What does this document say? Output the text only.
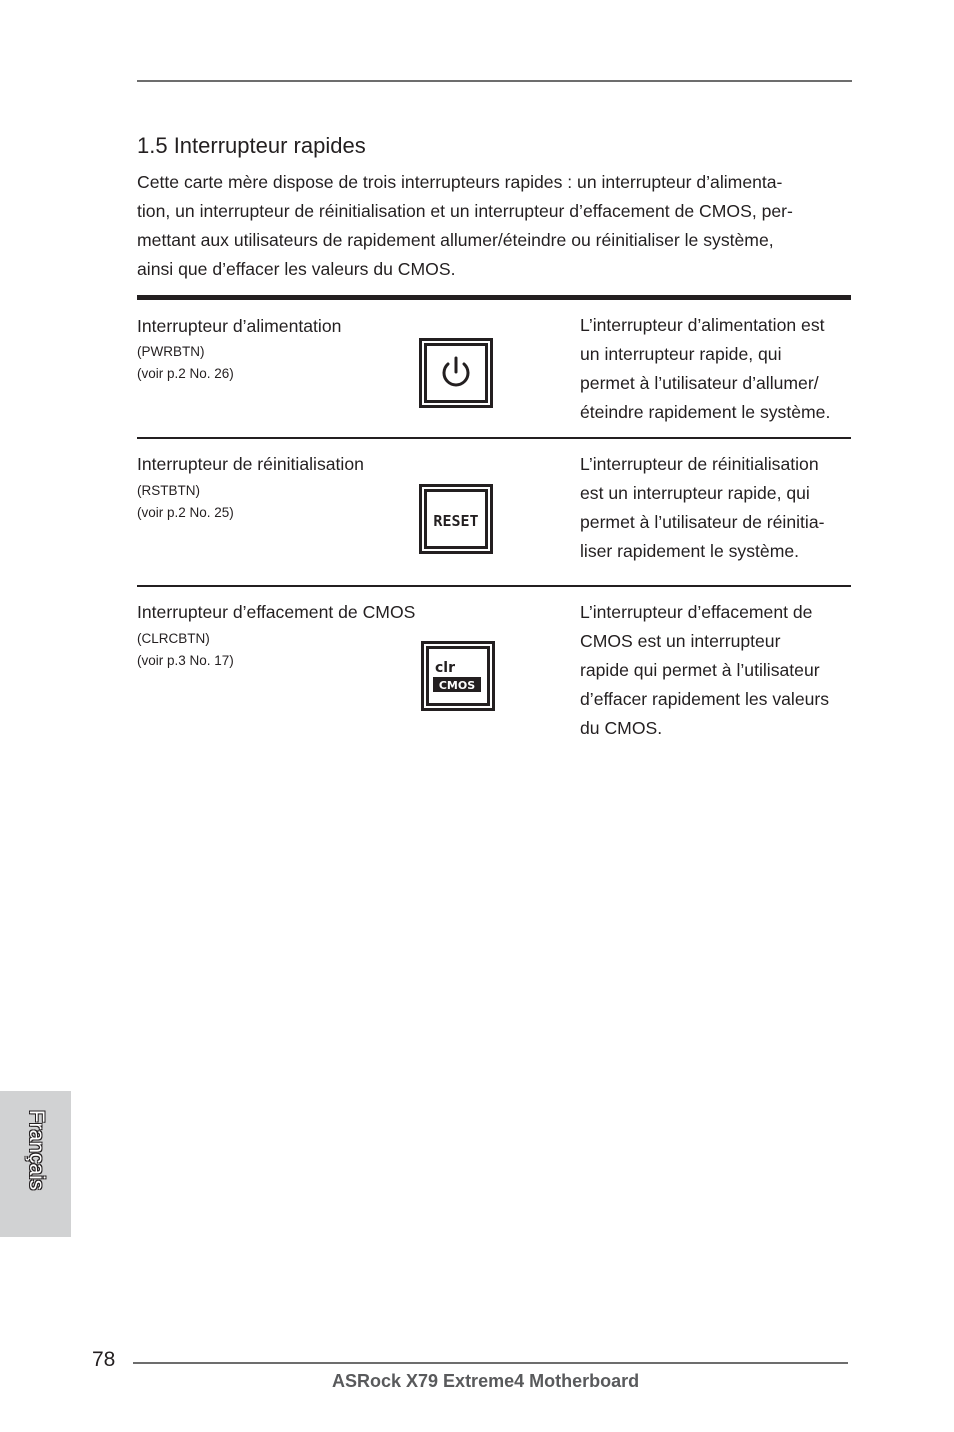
1.5 Interrupteur rapides

Cette carte mère dispose de trois interrupteurs rapides : un interrupteur d’alimenta-
tion, un interrupteur de réinitialisation et un interrupteur d’effacement de CMOS, per-
mettant aux utilisateurs de rapidement allumer/éteindre ou réinitialiser le système,
ainsi que d’effacer les valeurs du CMOS.

Interrupteur d’alimentation
(PWRBTN)
(voir p.2 No. 26)

L’interrupteur d’alimentation est
un interrupteur rapide, qui
permet à l’utilisateur d’allumer/
éteindre rapidement le système.

Interrupteur de réinitialisation
(RSTBTN)
(voir p.2 No. 25)	RESET

L’interrupteur de réinitialisation
est un interrupteur rapide, qui
permet à l’utilisateur de réinitia-
liser rapidement le système.

Interrupteur d’effacement de CMOS
(CLRCBTN)
(voir p.3 No. 17)	clr
CMOS

L’interrupteur d’effacement de
CMOS est un interrupteur
rapide qui permet à l’utilisateur
d’effacer rapidement les valeurs
du CMOS.

Français
78
ASRock X79 Extreme4 Motherboard
